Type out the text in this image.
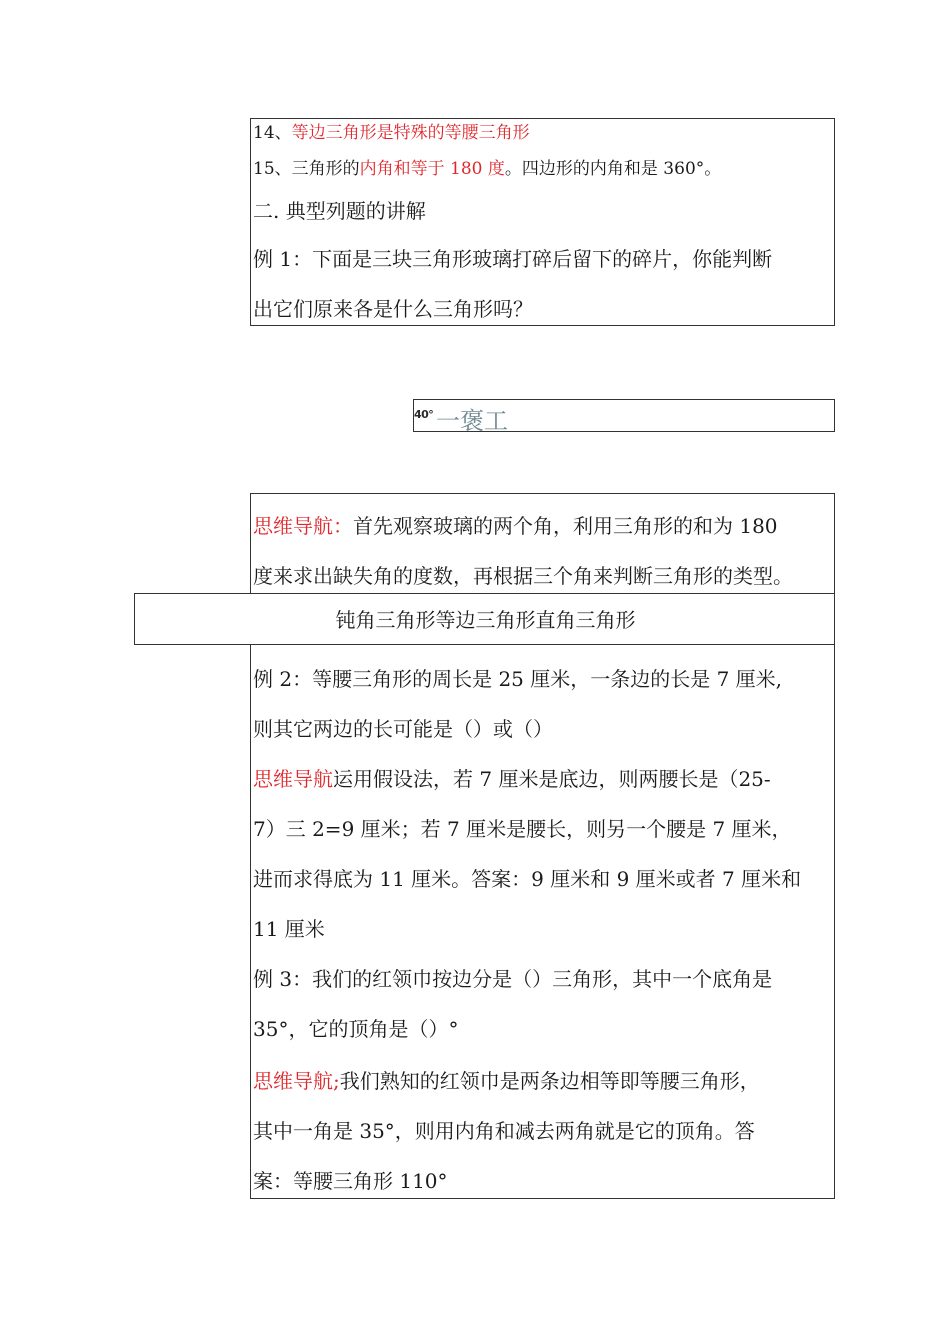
14、等边三角形是特殊的等腰三角形
15、三角形的内角和等于 180 度。四边形的内角和是 360°。
二. 典型列题的讲解
例 1：下面是三块三角形玻璃打碎后留下的碎片，你能判断
出它们原来各是什么三角形吗？
40° 一褒工
思维导航：首先观察玻璃的两个角，利用三角形的和为 180
度来求出缺失角的度数，再根据三个角来判断三角形的类型。
钝角三角形等边三角形直角三角形
例 2：等腰三角形的周长是 25 厘米，一条边的长是 7 厘米,
则其它两边的长可能是（）或（）
思维导航运用假设法，若 7 厘米是底边，则两腰长是（25-
7）三 2=9 厘米；若 7 厘米是腰长，则另一个腰是 7 厘米，
进而求得底为 11 厘米。答案：9 厘米和 9 厘米或者 7 厘米和
11 厘米
例 3：我们的红领巾按边分是（）三角形，其中一个底角是
35°，它的顶角是（）°
思维导航;我们熟知的红领巾是两条边相等即等腰三角形，
其中一角是 35°，则用内角和减去两角就是它的顶角。答
案：等腰三角形 110°
